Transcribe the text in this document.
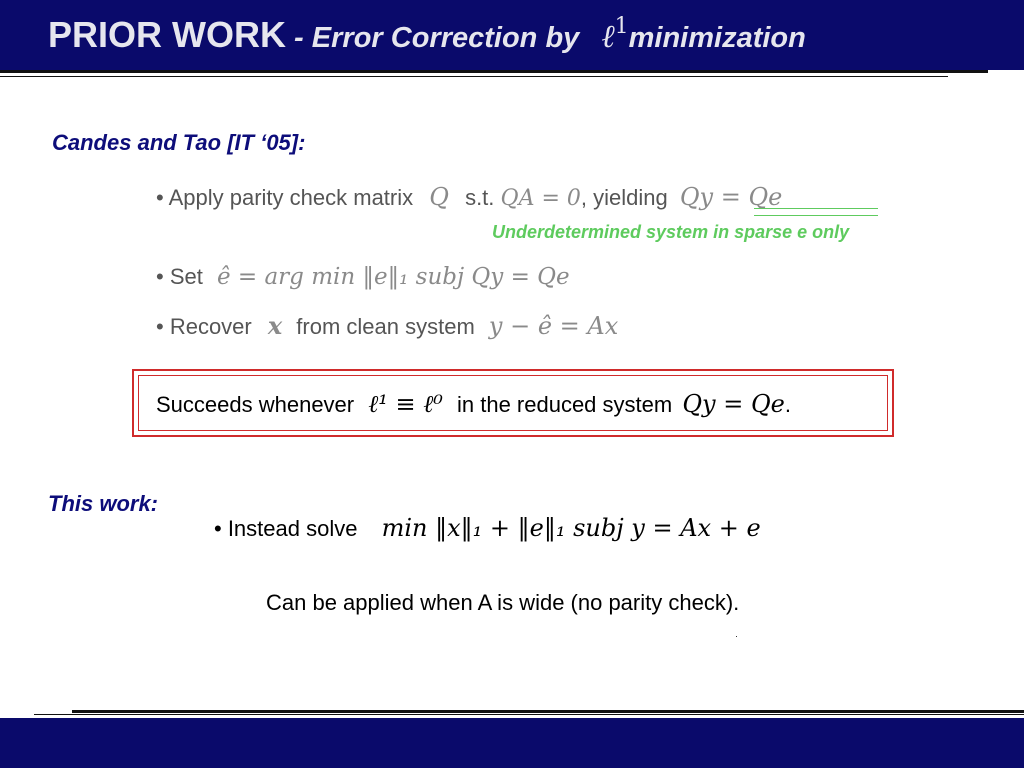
PRIOR WORK - Error Correction by ℓ1minimization
Candes and Tao [IT ‘05]:
• Apply parity check matrix Q s.t. QA = 0, yielding Qy = Qe
Underdetermined system in sparse e only
• Set ê = arg min ‖e‖₁ subj Qy = Qe
• Recover x from clean system y − ê = Ax
Succeeds whenever ℓ¹ ≡ ℓ⁰ in the reduced system Qy = Qe.
This work:
• Instead solve min ‖x‖₁ + ‖e‖₁ subj y = Ax + e
Can be applied when A is wide (no parity check).
